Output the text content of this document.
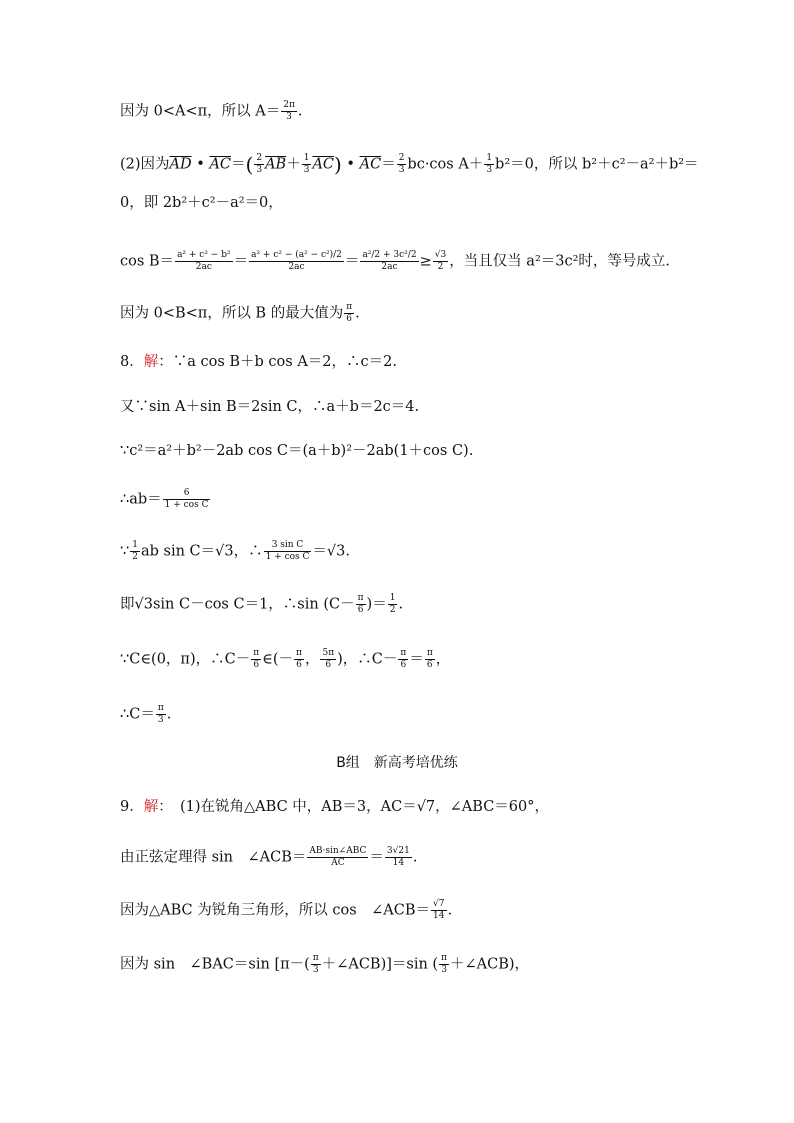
因为 0<A<π，所以 $A= \frac{2\pi}{3}$ .
(2)因为$\overline{AD}$ • $\overline{AC}=( \frac{2}{3} \overline{AB}+ \frac{1}{3} \overline{AC})$ • $\overline{AC}= \frac{2}{3} bc\cdot\cos$ $A+ \frac{1}{3} b^2=0$，所以 b²＋c²－a²＋b²＝
0，即 2b²＋c²－a²＝0，
$\cos B= \frac{\text{a² + c² − b²}}{2ac} = \frac{\text{a² + c² − (a² − c²)/2}}{2ac} = \frac{\text{a²/2 + 3c²/2}}{2ac} \ge \frac{√3}{2}$ ，当且仅当 a²＝3c²时，等号成立.
因为 0<B<π，所以 B 的最大值为 $\frac{\pi}{6}$ .
8．解：∵a cos B＋b cos A＝2，∴c＝2.
又∵sin A＋sin B＝2sin C，∴a＋b＝2c＝4.
∵c²＝a²＋b²－2ab cos C＝(a＋b)²－2ab(1＋cos C).
∴ab＝ $\frac{6}{\text{1 + cos C}}$
∵ $\frac{1}{2}$ ab sin C＝√3，∴ $\frac{\text{3 sin C}}{\text{1 + cos C}} =√3$.
即√3sin C－cos C＝1，∴sin ($C- \frac{\pi}{6}$ )＝ $\frac{1}{2}$ .
∵C∈(0，π)，∴C－ $\frac{\pi}{6}$ ∈(－ $\frac{\pi}{6}$ ， $\frac{5\pi}{6}$ )，∴C－ $\frac{\pi}{6} = \frac{\pi}{6}$ ，
∴C＝ $\frac{\pi}{3}$ .
B组　新高考培优练
9．解：　(1)在锐角△ABC 中，AB＝3，AC＝√7，∠ABC＝60°，
由正弦定理得 sin　∠ACB＝ $\frac{\text{AB·sin∠ABC}}{AC} = \frac{3√21}{14}$ .
因为△ABC 为锐角三角形，所以 cos　∠ACB＝ $\frac{√7}{14}$ .
因为 sin　∠BAC＝sin [$\pi-( \frac{\pi}{3}$ ＋∠ACB)]＝sin ( $\frac{\pi}{3}$ ＋∠ACB)，
